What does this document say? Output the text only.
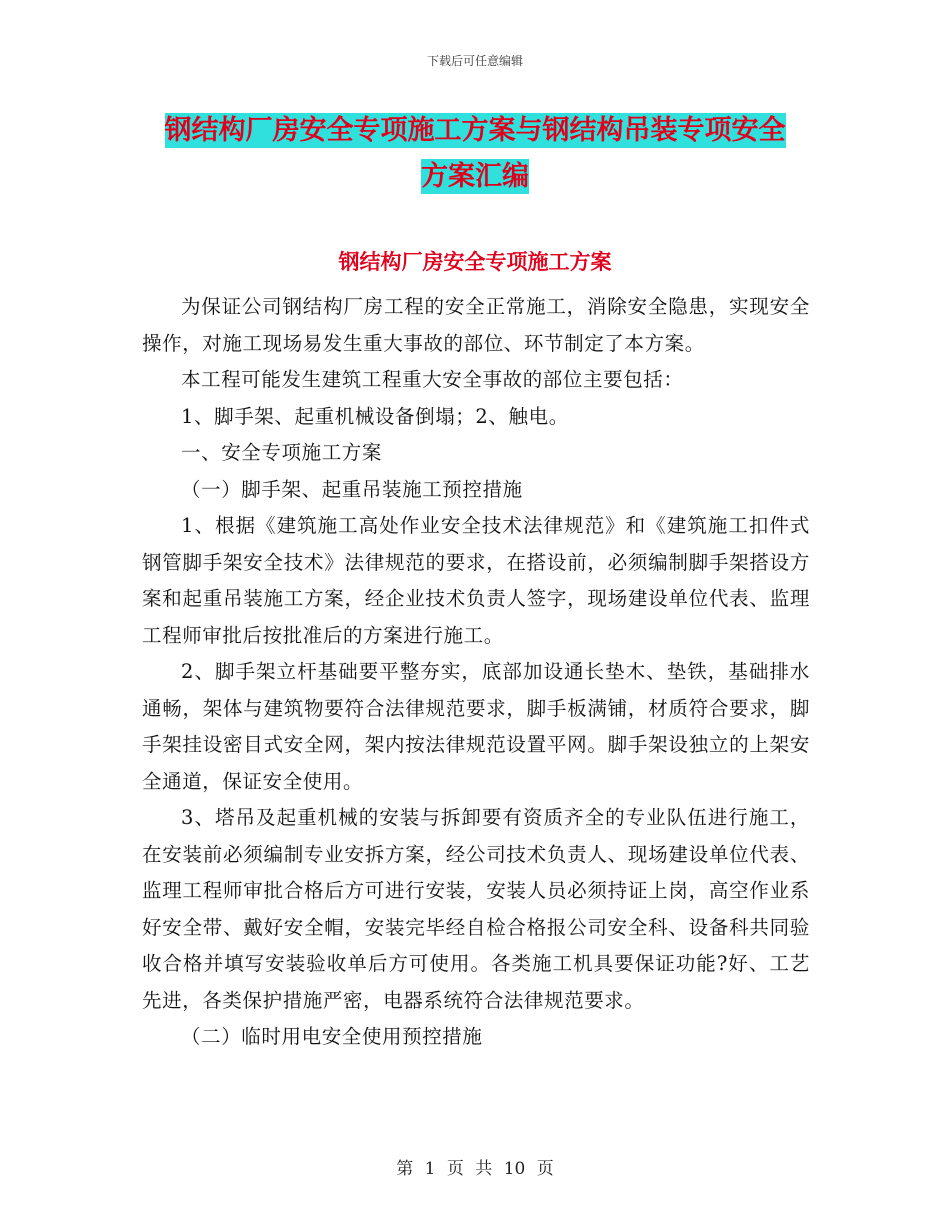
下载后可任意编辑
钢结构厂房安全专项施工方案与钢结构吊装专项安全
方案汇编
钢结构厂房安全专项施工方案

为保证公司钢结构厂房工程的安全正常施工，消除安全隐患，实现安全操作，对施工现场易发生重大事故的部位、环节制定了本方案。

本工程可能发生建筑工程重大安全事故的部位主要包括：

1、脚手架、起重机械设备倒塌；2、触电。

一、安全专项施工方案

（一）脚手架、起重吊装施工预控措施

1、根据《建筑施工高处作业安全技术法律规范》和《建筑施工扣件式钢管脚手架安全技术》法律规范的要求，在搭设前，必须编制脚手架搭设方案和起重吊装施工方案，经企业技术负责人签字，现场建设单位代表、监理工程师审批后按批准后的方案进行施工。

2、脚手架立杆基础要平整夯实，底部加设通长垫木、垫铁，基础排水通畅，架体与建筑物要符合法律规范要求，脚手板满铺，材质符合要求，脚手架挂设密目式安全网，架内按法律规范设置平网。脚手架设独立的上架安全通道，保证安全使用。

3、塔吊及起重机械的安装与拆卸要有资质齐全的专业队伍进行施工，在安装前必须编制专业安拆方案，经公司技术负责人、现场建设单位代表、监理工程师审批合格后方可进行安装，安装人员必须持证上岗，高空作业系好安全带、戴好安全帽，安装完毕经自检合格报公司安全科、设备科共同验收合格并填写安装验收单后方可使用。各类施工机具要保证功能?好、工艺先进，各类保护措施严密，电器系统符合法律规范要求。

（二）临时用电安全使用预控措施

第 1 页 共 10 页
